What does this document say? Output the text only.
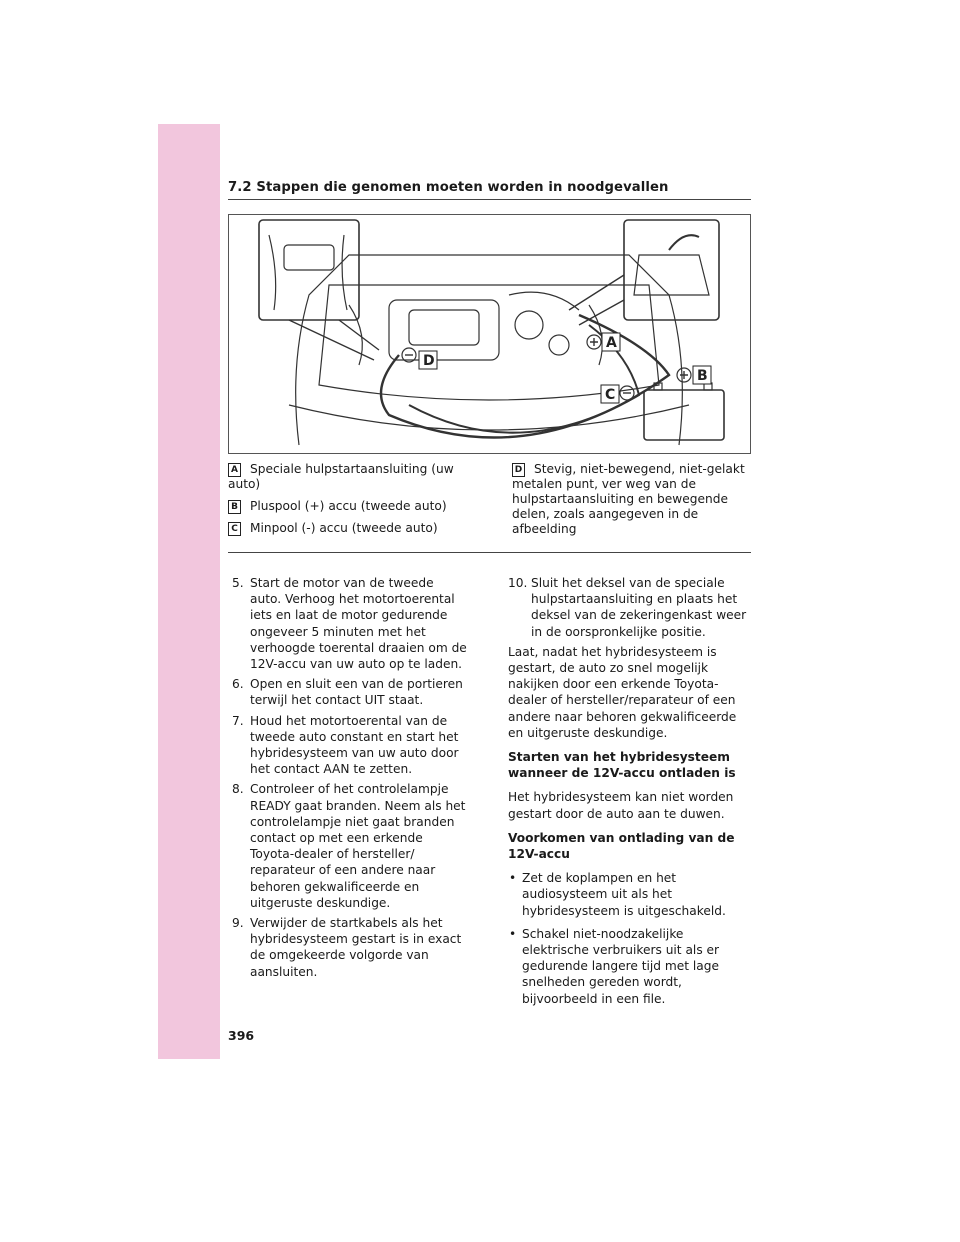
7.2 Stappen die genomen moeten worden in noodgevallen
A
B
C
D
A Speciale hulpstartaansluiting (uw auto)
B Pluspool (+) accu (tweede auto)
C Minpool (-) accu (tweede auto)
D Stevig, niet-bewegend, niet-gelakt metalen punt, ver weg van de hulpstartaansluiting en bewegende delen, zoals aangegeven in de afbeelding
5. Start de motor van de tweede auto. Verhoog het motortoerental iets en laat de motor gedurende ongeveer 5 minuten met het verhoogde toerental draaien om de 12V-accu van uw auto op te laden.
6. Open en sluit een van de portieren terwijl het contact UIT staat.
7. Houd het motortoerental van de tweede auto constant en start het hybridesysteem van uw auto door het contact AAN te zetten.
8. Controleer of het controlelampje READY gaat branden. Neem als het controlelampje niet gaat branden contact op met een erkende Toyota-dealer of hersteller/ reparateur of een andere naar behoren gekwalificeerde en uitgeruste deskundige.
9. Verwijder de startkabels als het hybridesysteem gestart is in exact de omgekeerde volgorde van aansluiten.
10. Sluit het deksel van de speciale hulpstartaansluiting en plaats het deksel van de zekeringenkast weer in de oorspronkelijke positie.

Laat, nadat het hybridesysteem is gestart, de auto zo snel mogelijk nakijken door een erkende Toyota-dealer of hersteller/reparateur of een andere naar behoren gekwalificeerde en uitgeruste deskundige.

Starten van het hybridesysteem wanneer de 12V-accu ontladen is

Het hybridesysteem kan niet worden gestart door de auto aan te duwen.

Voorkomen van ontlading van de 12V-accu

• Zet de koplampen en het audiosysteem uit als het hybridesysteem is uitgeschakeld.
• Schakel niet-noodzakelijke elektrische verbruikers uit als er gedurende langere tijd met lage snelheden gereden wordt, bijvoorbeeld in een file.
396
